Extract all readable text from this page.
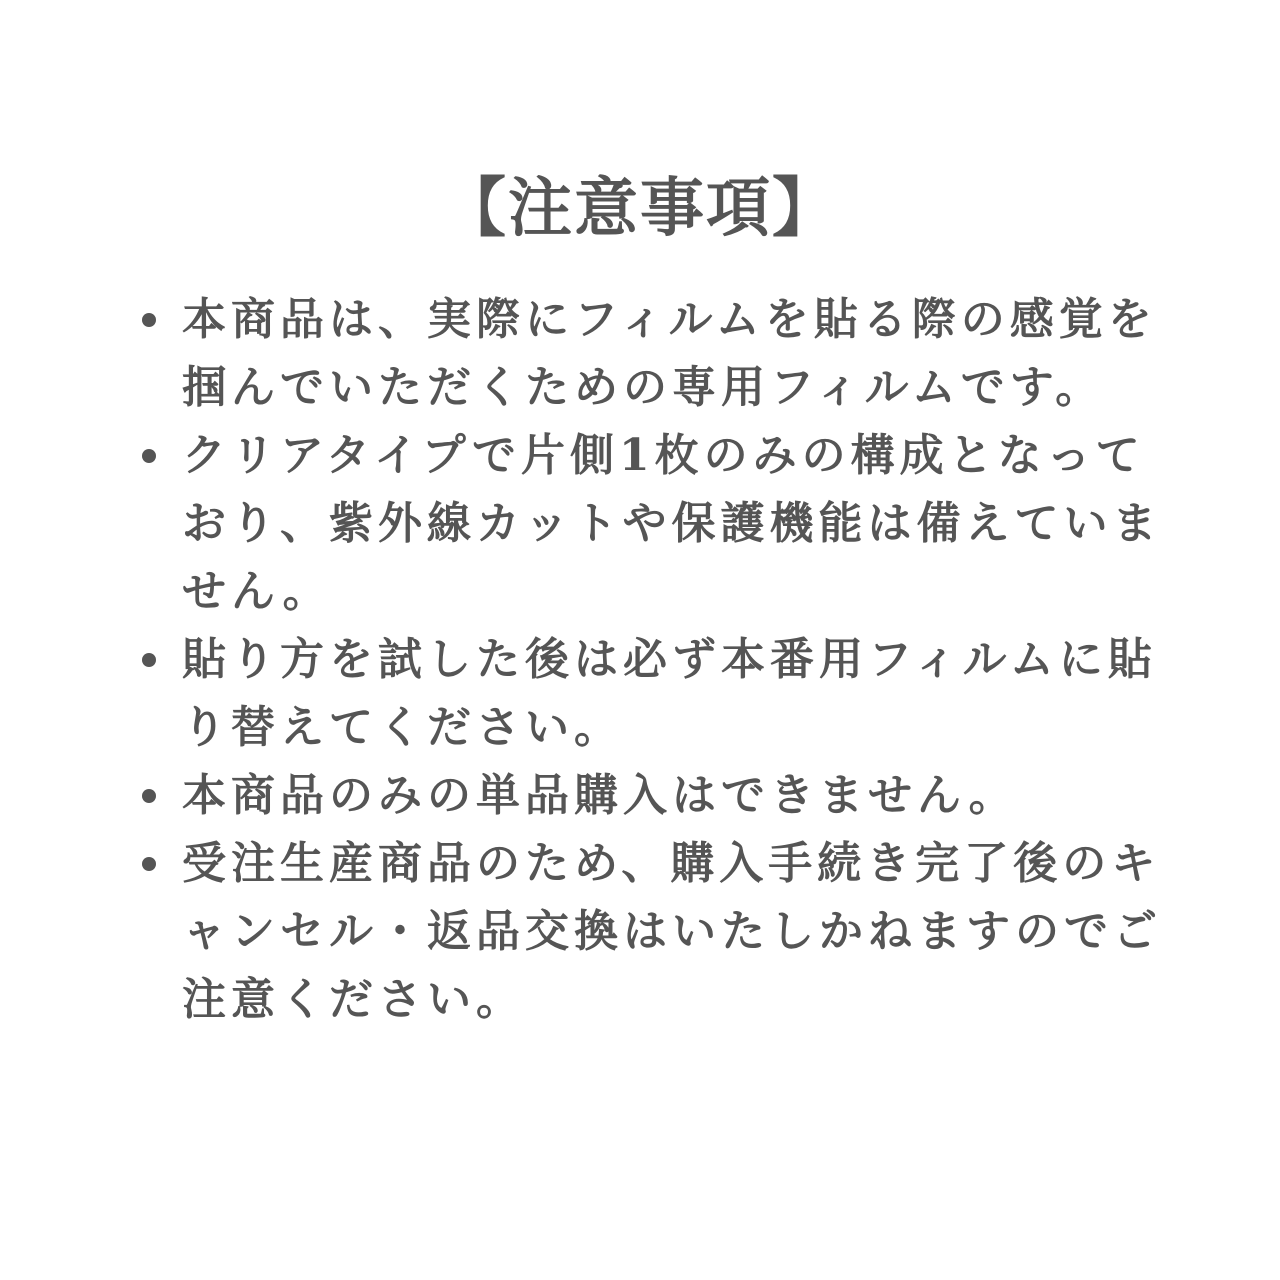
【注意事項】
本商品は、実際にフィルムを貼る際の感覚を掴んでいただくための専用フィルムです。
クリアタイプで片側1枚のみの構成となっており、紫外線カットや保護機能は備えていません。
貼り方を試した後は必ず本番用フィルムに貼り替えてください。
本商品のみの単品購入はできません。
受注生産商品のため、購入手続き完了後のキャンセル・返品交換はいたしかねますのでご注意ください。
